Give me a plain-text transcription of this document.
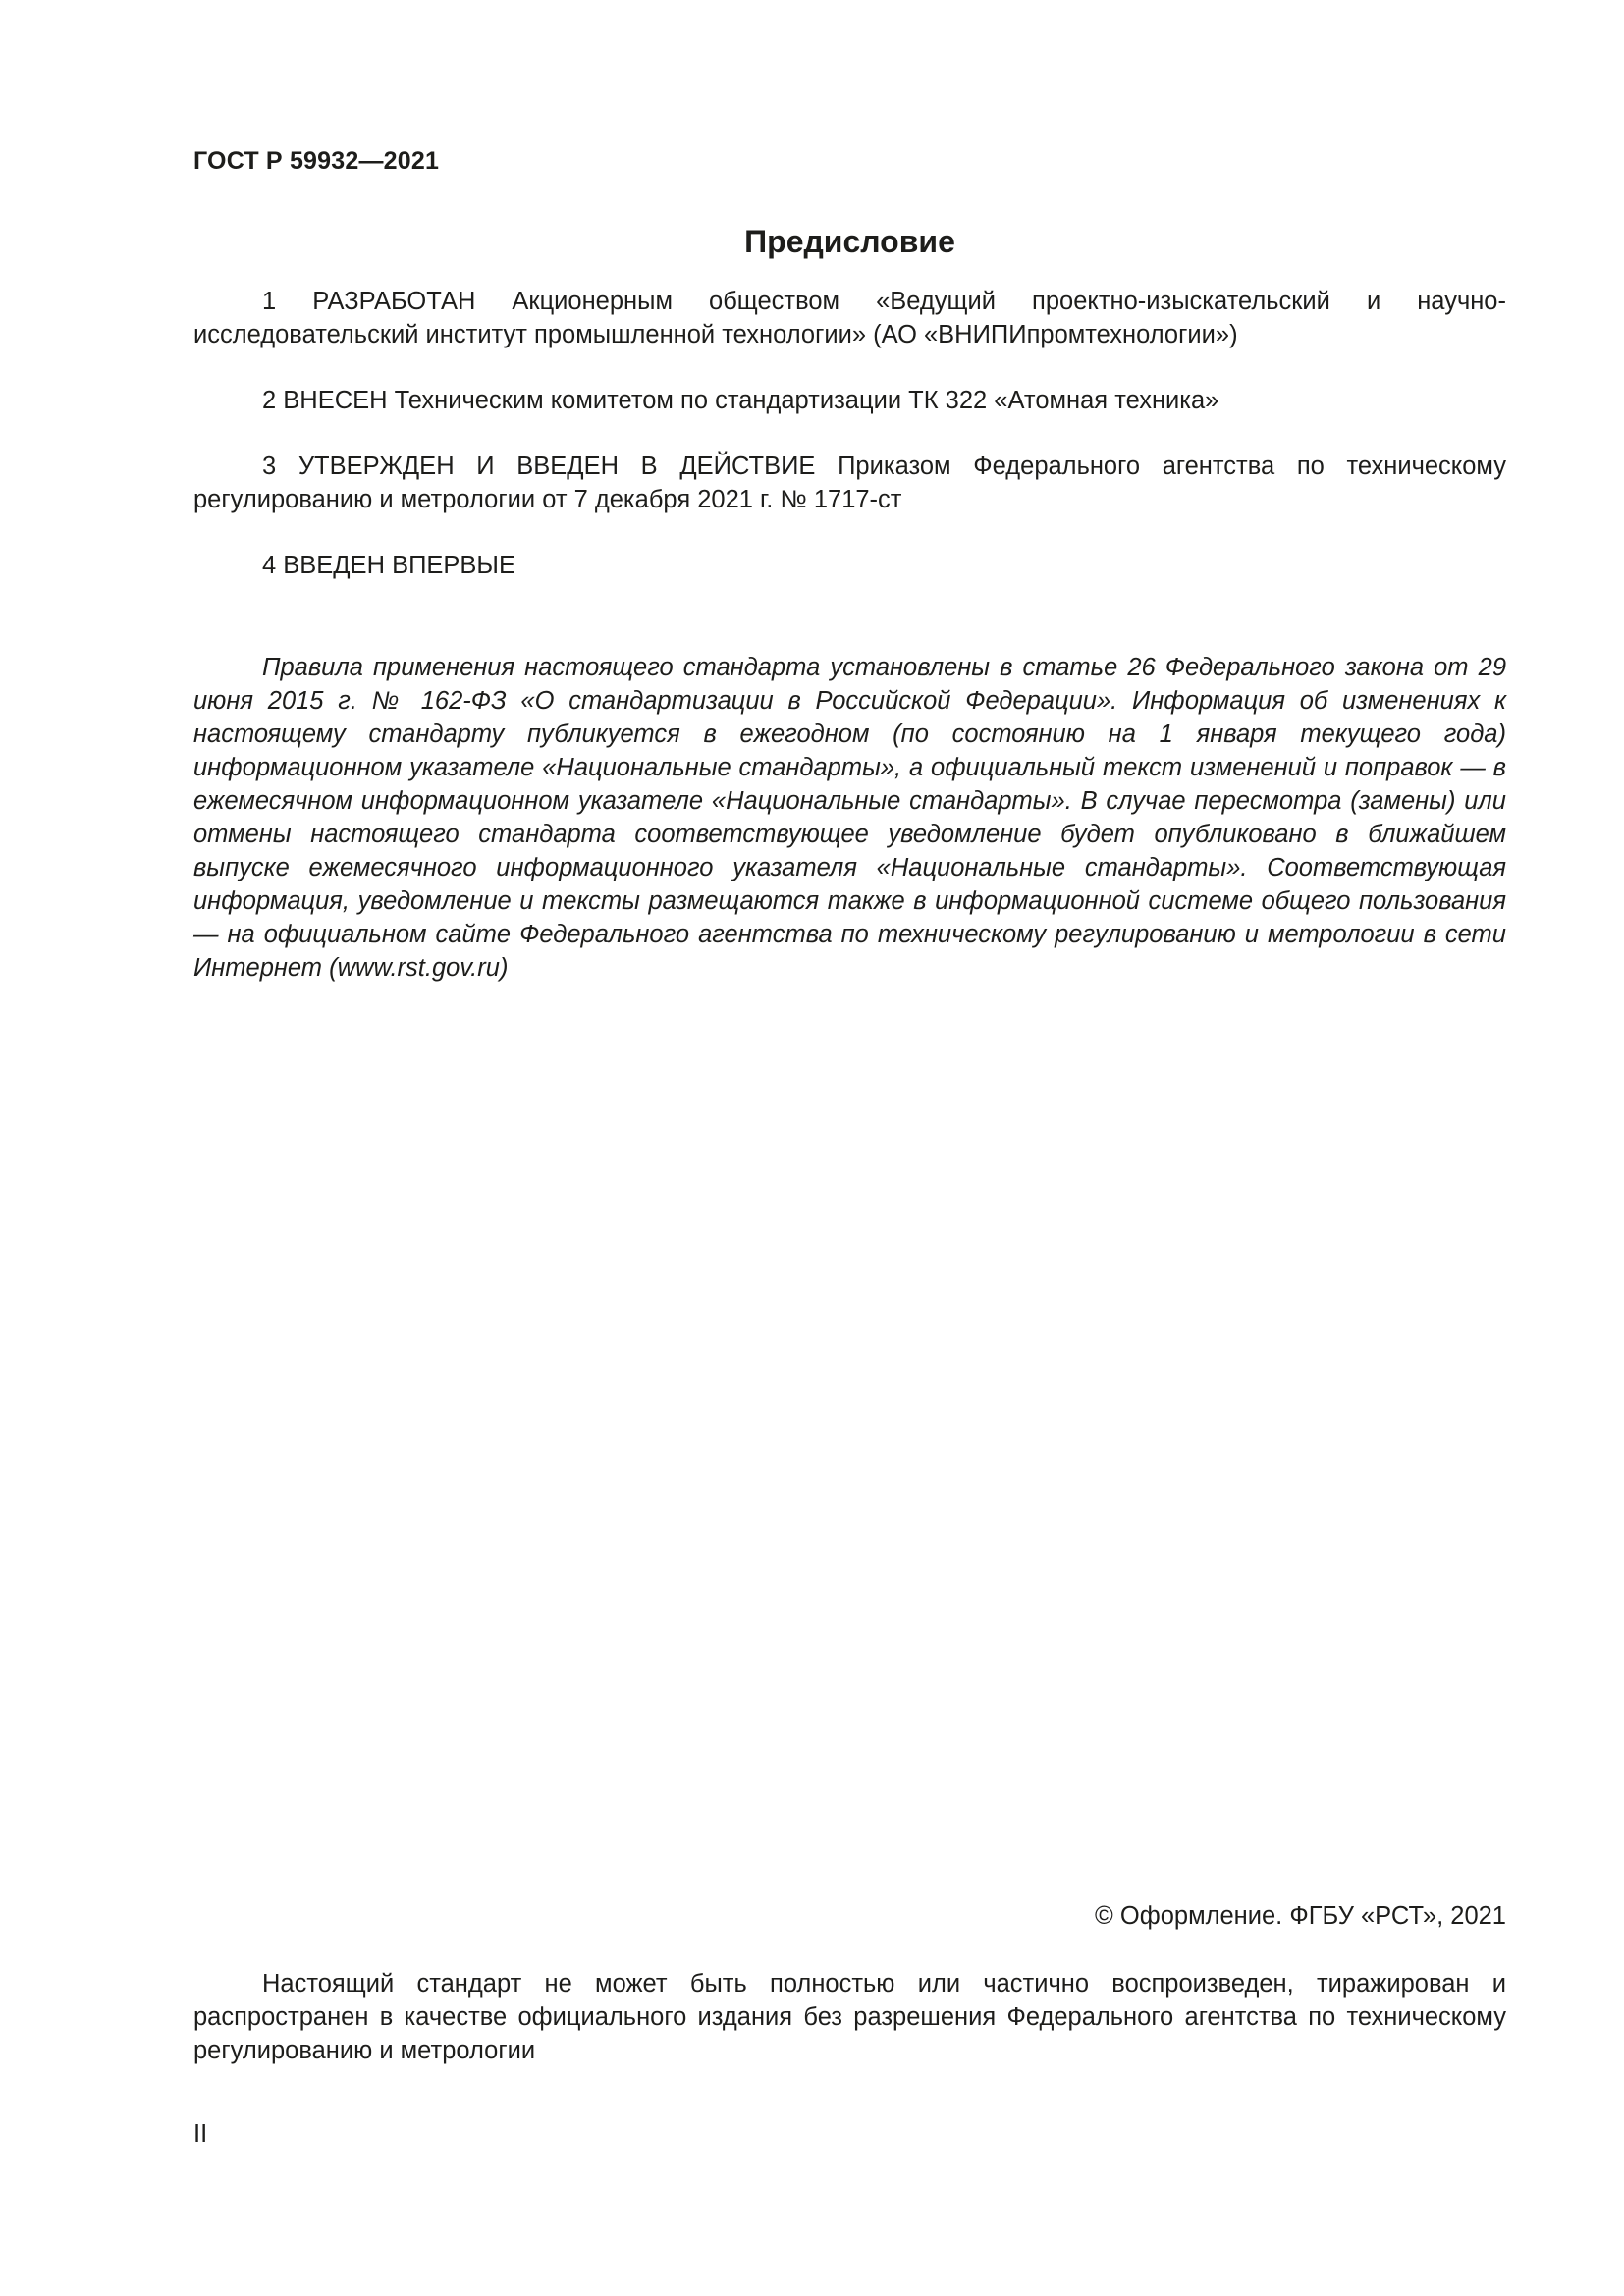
ГОСТ Р 59932—2021
Предисловие

1 РАЗРАБОТАН Акционерным обществом «Ведущий проектно-изыскательский и научно-исследовательский институт промышленной технологии» (АО «ВНИПИпромтехнологии»)

2 ВНЕСЕН Техническим комитетом по стандартизации ТК 322 «Атомная техника»

3 УТВЕРЖДЕН И ВВЕДЕН В ДЕЙСТВИЕ Приказом Федерального агентства по техническому регулированию и метрологии от 7 декабря 2021 г. № 1717-ст

4 ВВЕДЕН ВПЕРВЫЕ

Правила применения настоящего стандарта установлены в статье 26 Федерального закона от 29 июня 2015 г. № 162-ФЗ «О стандартизации в Российской Федерации». Информация об изменениях к настоящему стандарту публикуется в ежегодном (по состоянию на 1 января текущего года) информационном указателе «Национальные стандарты», а официальный текст изменений и поправок — в ежемесячном информационном указателе «Национальные стандарты». В случае пересмотра (замены) или отмены настоящего стандарта соответствующее уведомление будет опубликовано в ближайшем выпуске ежемесячного информационного указателя «Национальные стандарты». Соответствующая информация, уведомление и тексты размещаются также в информационной системе общего пользования — на официальном сайте Федерального агентства по техническому регулированию и метрологии в сети Интернет (www.rst.gov.ru)

© Оформление. ФГБУ «РСТ», 2021

Настоящий стандарт не может быть полностью или частично воспроизведен, тиражирован и распространен в качестве официального издания без разрешения Федерального агентства по техническому регулированию и метрологии

II
